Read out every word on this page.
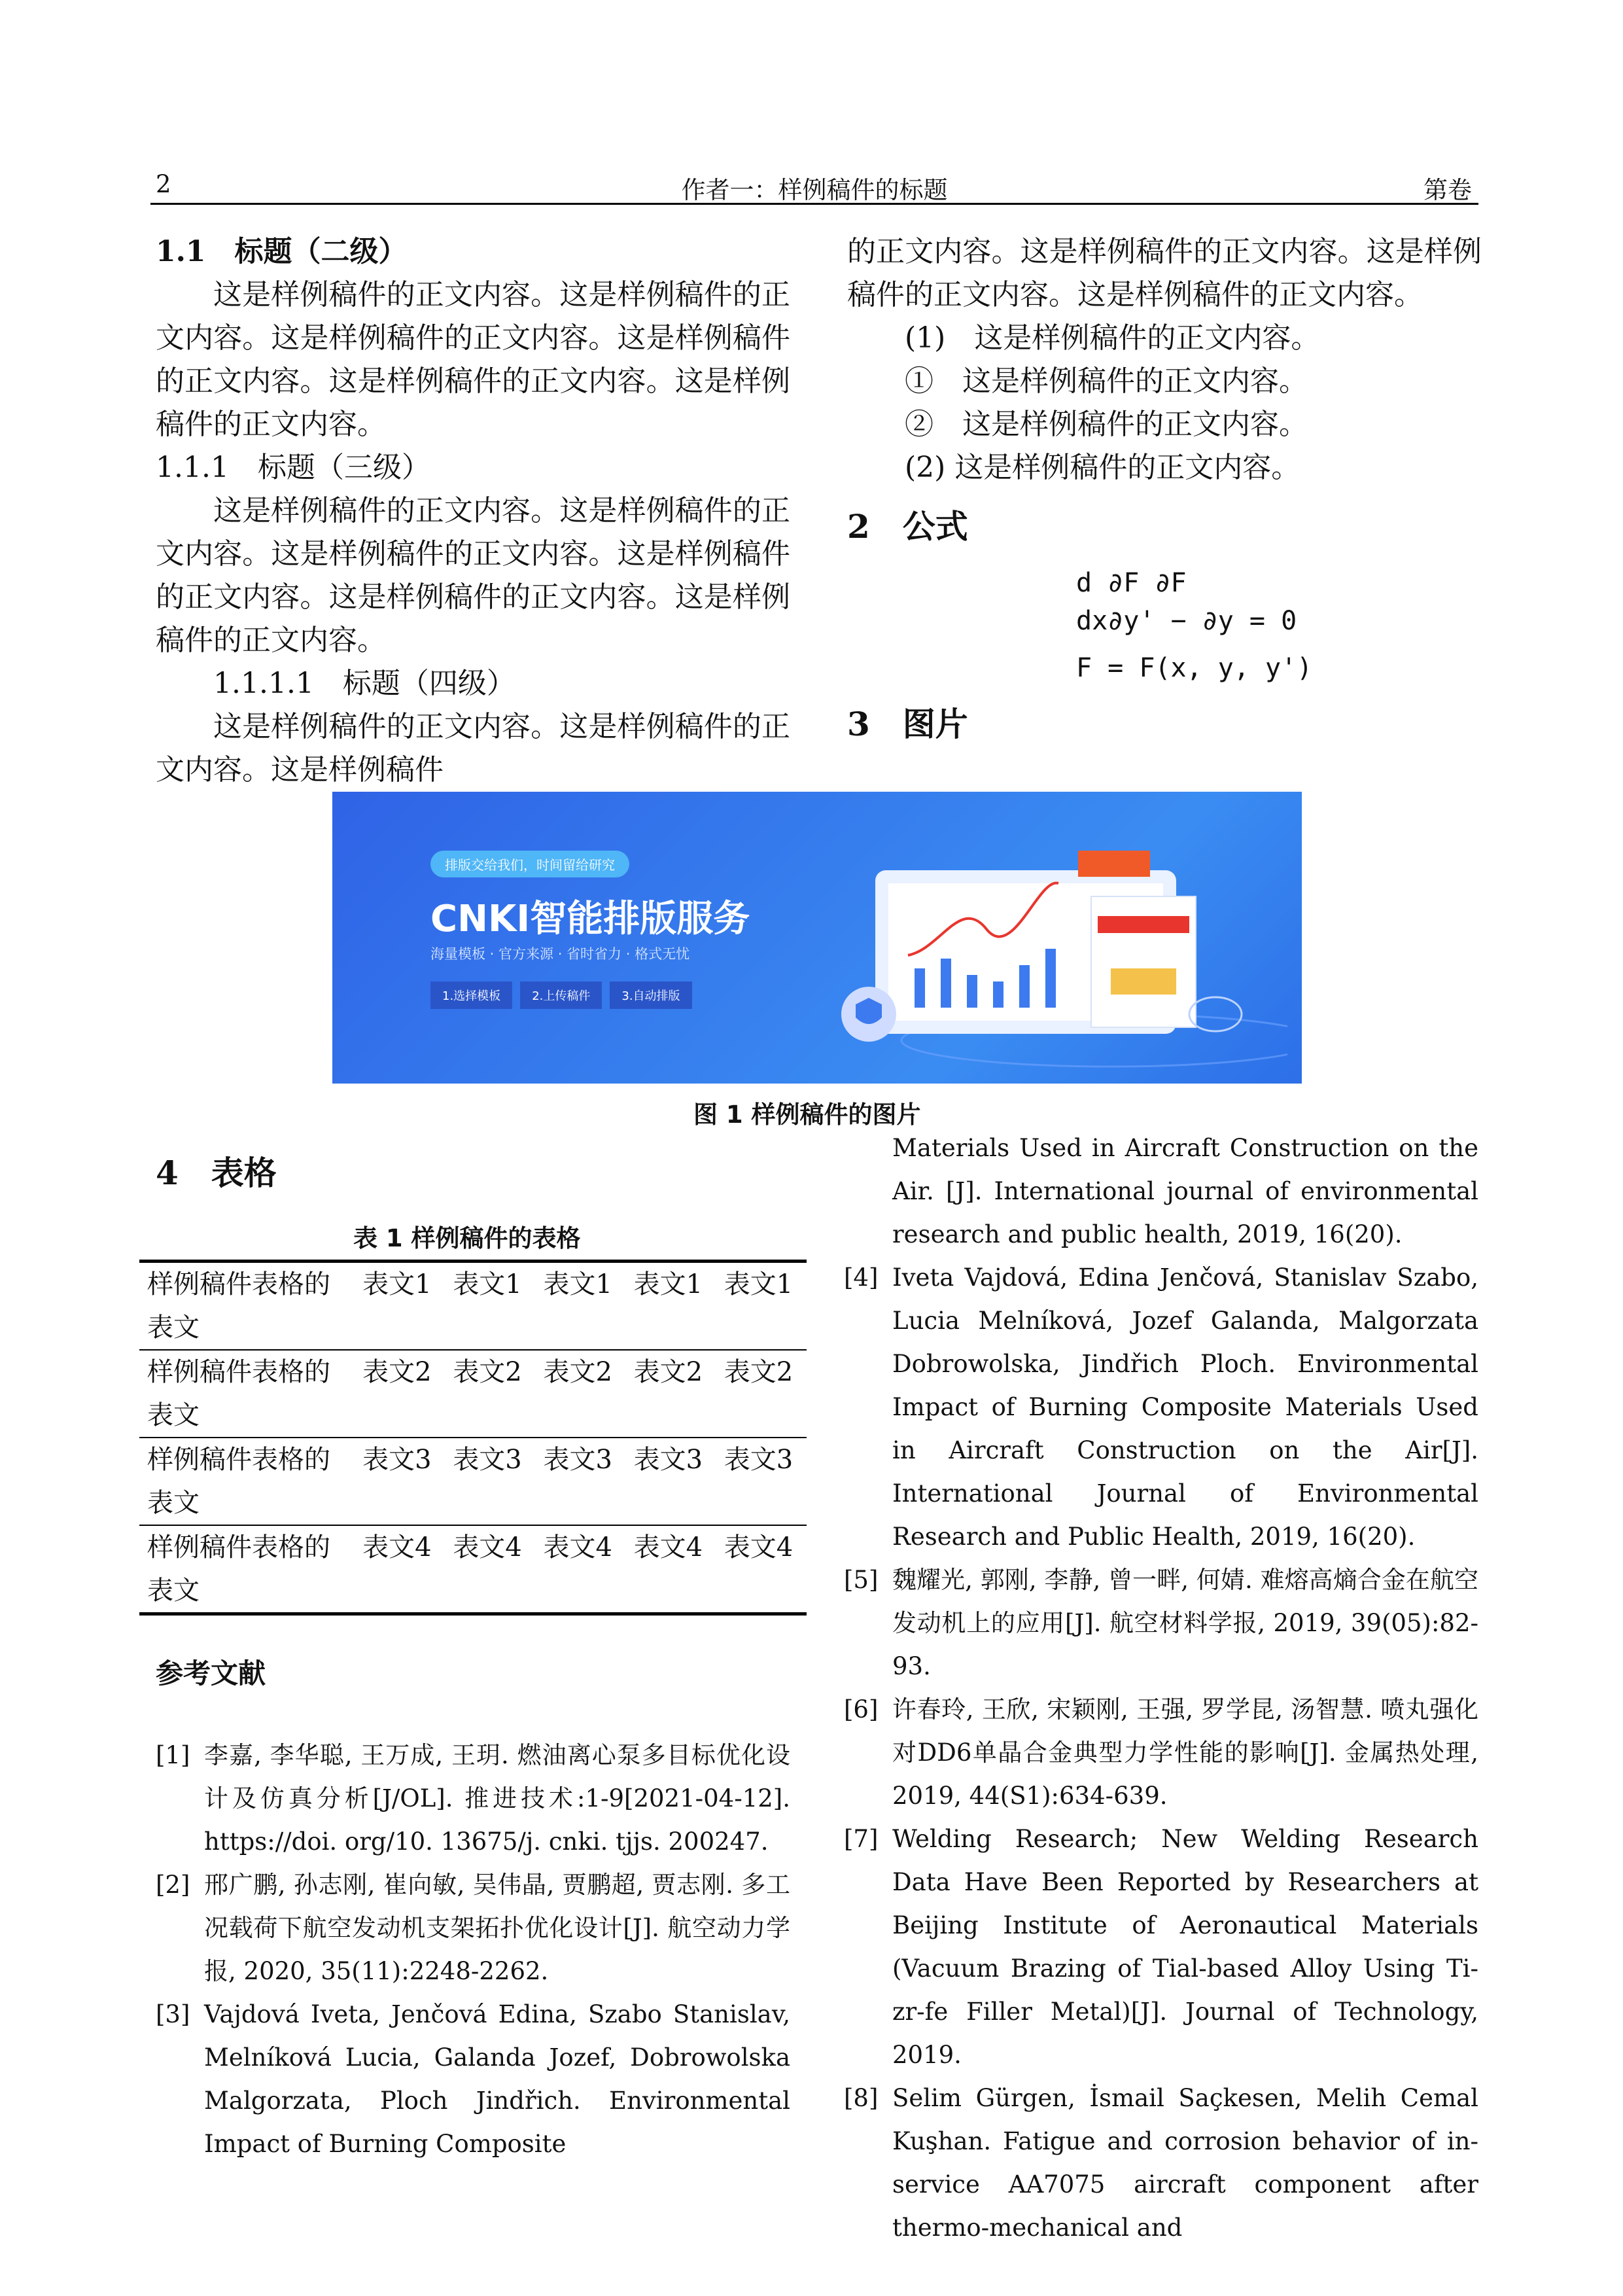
2	作者一：样例稿件的标题	第卷
1.1　标题（二级）
这是样例稿件的正文内容。这是样例稿件的正文内容。这是样例稿件的正文内容。这是样例稿件的正文内容。这是样例稿件的正文内容。这是样例稿件的正文内容。
1.1.1　标题（三级）
这是样例稿件的正文内容。这是样例稿件的正文内容。这是样例稿件的正文内容。这是样例稿件的正文内容。这是样例稿件的正文内容。这是样例稿件的正文内容。
1.1.1.1　标题（四级）
这是样例稿件的正文内容。这是样例稿件的正文内容。这是样例稿件
的正文内容。这是样例稿件的正文内容。这是样例稿件的正文内容。这是样例稿件的正文内容。
(1)　这是样例稿件的正文内容。
①　这是样例稿件的正文内容。
②　这是样例稿件的正文内容。
(2) 这是样例稿件的正文内容。
2　公式
d ∂F ∂F
dx∂y' − ∂y = 0
F = F(x, y, y')
3　图片
排版交给我们，时间留给研究
CNKI智能排版服务
海量模板 · 官方来源 · 省时省力 · 格式无忧
1.选择模板	2.上传稿件	3.自动排版
图 1 样例稿件的图片
4　表格
表 1 样例稿件的表格
样例稿件表格的表文	表文1	表文1	表文1	表文1	表文1
样例稿件表格的表文	表文2	表文2	表文2	表文2	表文2
样例稿件表格的表文	表文3	表文3	表文3	表文3	表文3
样例稿件表格的表文	表文4	表文4	表文4	表文4	表文4
参考文献
[1] 李嘉, 李华聪, 王万成, 王玥. 燃油离心泵多目标优化设计及仿真分析[J/OL]. 推进技术:1-9[2021-04-12]. https://doi. org/10. 13675/j. cnki. tjjs. 200247.
[2] 邢广鹏, 孙志刚, 崔向敏, 吴伟晶, 贾鹏超, 贾志刚. 多工况载荷下航空发动机支架拓扑优化设计[J]. 航空动力学报, 2020, 35(11):2248-2262.
[3] Vajdová Iveta, Jenčová Edina, Szabo Stanislav, Melníková Lucia, Galanda Jozef, Dobrowolska Malgorzata, Ploch Jindřich. Environmental Impact of Burning Composite
Materials Used in Aircraft Construction on the Air. [J]. International journal of environmental research and public health, 2019, 16(20).
[4] Iveta Vajdová, Edina Jenčová, Stanislav Szabo, Lucia Melníková, Jozef Galanda, Malgorzata Dobrowolska, Jindřich Ploch. Environmental Impact of Burning Composite Materials Used in Aircraft Construction on the Air[J]. International Journal of Environmental Research and Public Health, 2019, 16(20).
[5] 魏耀光, 郭刚, 李静, 曾一畔, 何婧. 难熔高熵合金在航空发动机上的应用[J]. 航空材料学报, 2019, 39(05):82-93.
[6] 许春玲, 王欣, 宋颖刚, 王强, 罗学昆, 汤智慧. 喷丸强化对DD6单晶合金典型力学性能的影响[J]. 金属热处理, 2019, 44(S1):634-639.
[7] Welding Research; New Welding Research Data Have Been Reported by Researchers at Beijing Institute of Aeronautical Materials (Vacuum Brazing of Tial-based Alloy Using Ti-zr-fe Filler Metal)[J]. Journal of Technology, 2019.
[8] Selim Gürgen, İsmail Saçkesen, Melih Cemal Kuşhan. Fatigue and corrosion behavior of in-service AA7075 aircraft component after thermo-mechanical and
